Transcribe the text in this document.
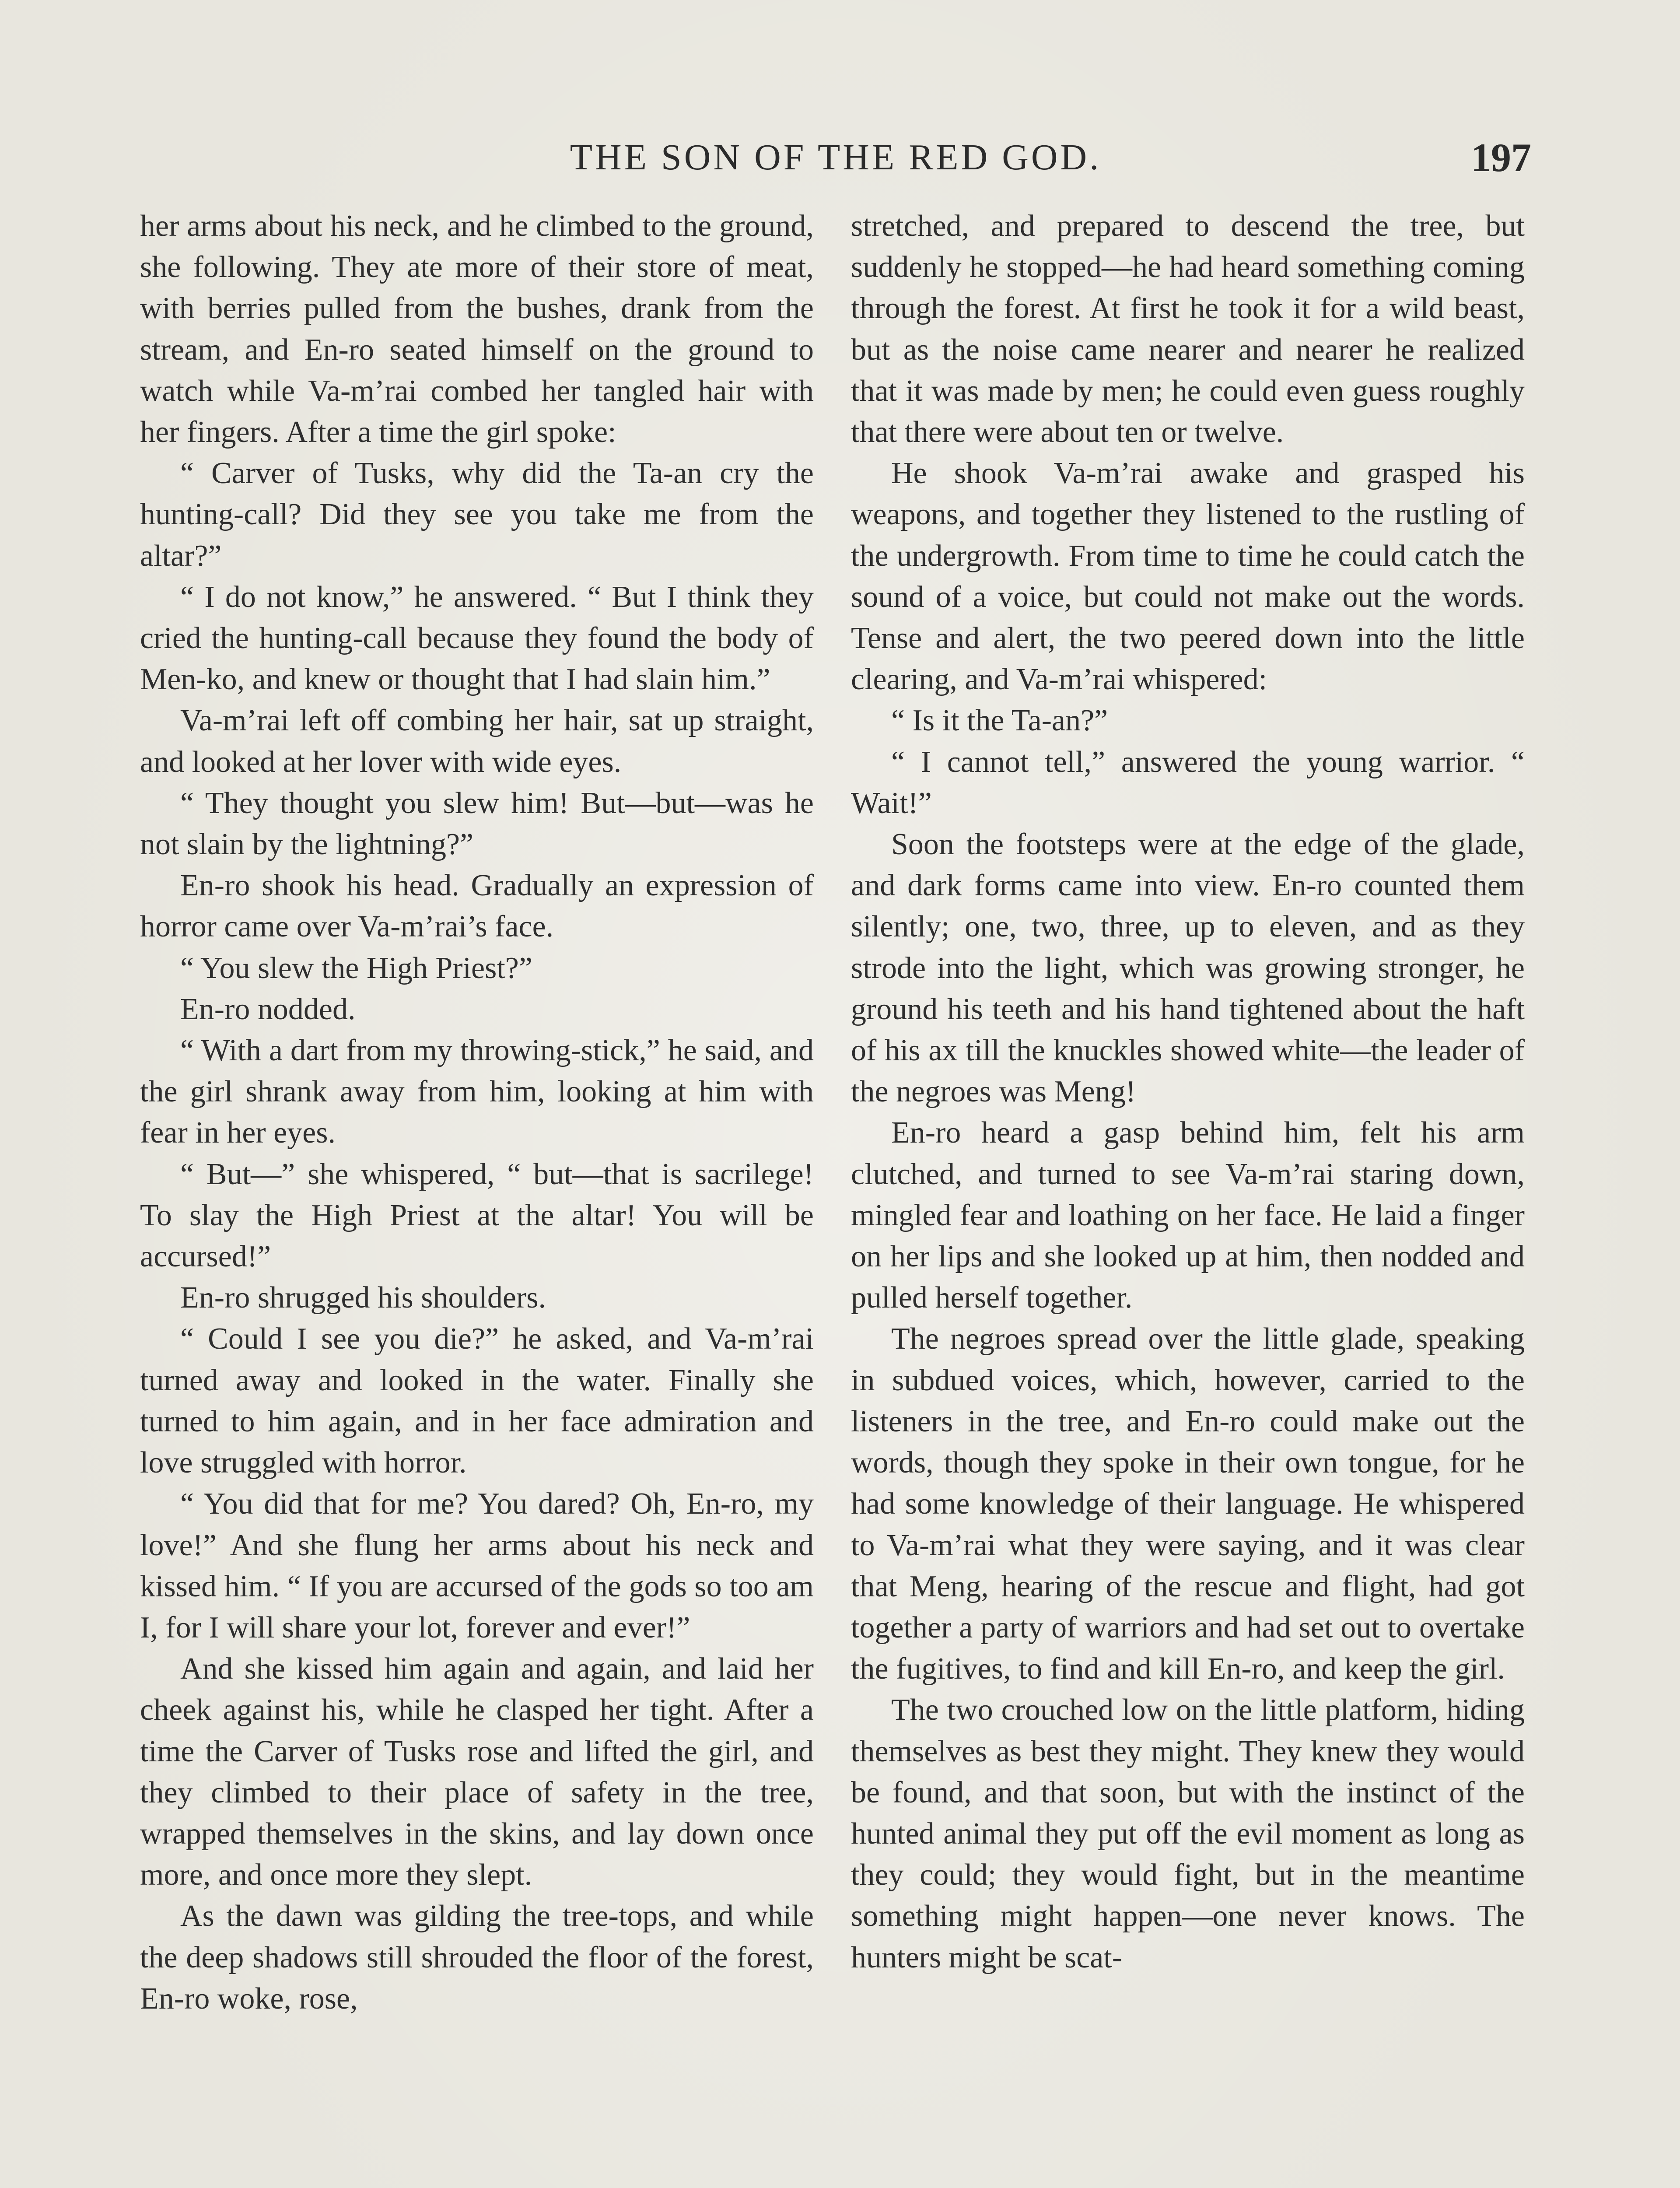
THE SON OF THE RED GOD.	197

her arms about his neck, and he climbed to the ground, she following. They ate more of their store of meat, with berries pulled from the bushes, drank from the stream, and En-ro seated himself on the ground to watch while Va-m’rai combed her tangled hair with her fingers. After a time the girl spoke:

“ Carver of Tusks, why did the Ta-an cry the hunting-call? Did they see you take me from the altar?”

“ I do not know,” he answered. “ But I think they cried the hunting-call because they found the body of Men-ko, and knew or thought that I had slain him.”

Va-m’rai left off combing her hair, sat up straight, and looked at her lover with wide eyes.

“ They thought you slew him! But—but—was he not slain by the lightning?”

En-ro shook his head. Gradually an expression of horror came over Va-m’rai’s face.

“ You slew the High Priest?”

En-ro nodded.

“ With a dart from my throwing-stick,” he said, and the girl shrank away from him, looking at him with fear in her eyes.

“ But—” she whispered, “ but—that is sacrilege! To slay the High Priest at the altar! You will be accursed!”

En-ro shrugged his shoulders.

“ Could I see you die?” he asked, and Va-m’rai turned away and looked in the water. Finally she turned to him again, and in her face admiration and love struggled with horror.

“ You did that for me? You dared? Oh, En-ro, my love!” And she flung her arms about his neck and kissed him. “ If you are accursed of the gods so too am I, for I will share your lot, forever and ever!”

And she kissed him again and again, and laid her cheek against his, while he clasped her tight. After a time the Carver of Tusks rose and lifted the girl, and they climbed to their place of safety in the tree, wrapped themselves in the skins, and lay down once more, and once more they slept.

As the dawn was gilding the tree-tops, and while the deep shadows still shrouded the floor of the forest, En-ro woke, rose,

stretched, and prepared to descend the tree, but suddenly he stopped—he had heard something coming through the forest. At first he took it for a wild beast, but as the noise came nearer and nearer he realized that it was made by men; he could even guess roughly that there were about ten or twelve.

He shook Va-m’rai awake and grasped his weapons, and together they listened to the rustling of the undergrowth. From time to time he could catch the sound of a voice, but could not make out the words. Tense and alert, the two peered down into the little clearing, and Va-m’rai whispered:

“ Is it the Ta-an?”

“ I cannot tell,” answered the young warrior. “ Wait!”

Soon the footsteps were at the edge of the glade, and dark forms came into view. En-ro counted them silently; one, two, three, up to eleven, and as they strode into the light, which was growing stronger, he ground his teeth and his hand tightened about the haft of his ax till the knuckles showed white—the leader of the negroes was Meng!

En-ro heard a gasp behind him, felt his arm clutched, and turned to see Va-m’rai staring down, mingled fear and loathing on her face. He laid a finger on her lips and she looked up at him, then nodded and pulled herself together.

The negroes spread over the little glade, speaking in subdued voices, which, however, carried to the listeners in the tree, and En-ro could make out the words, though they spoke in their own tongue, for he had some knowledge of their language. He whispered to Va-m’rai what they were saying, and it was clear that Meng, hearing of the rescue and flight, had got together a party of warriors and had set out to overtake the fugitives, to find and kill En-ro, and keep the girl.

The two crouched low on the little platform, hiding themselves as best they might. They knew they would be found, and that soon, but with the instinct of the hunted animal they put off the evil moment as long as they could; they would fight, but in the meantime something might happen—one never knows. The hunters might be scat-
